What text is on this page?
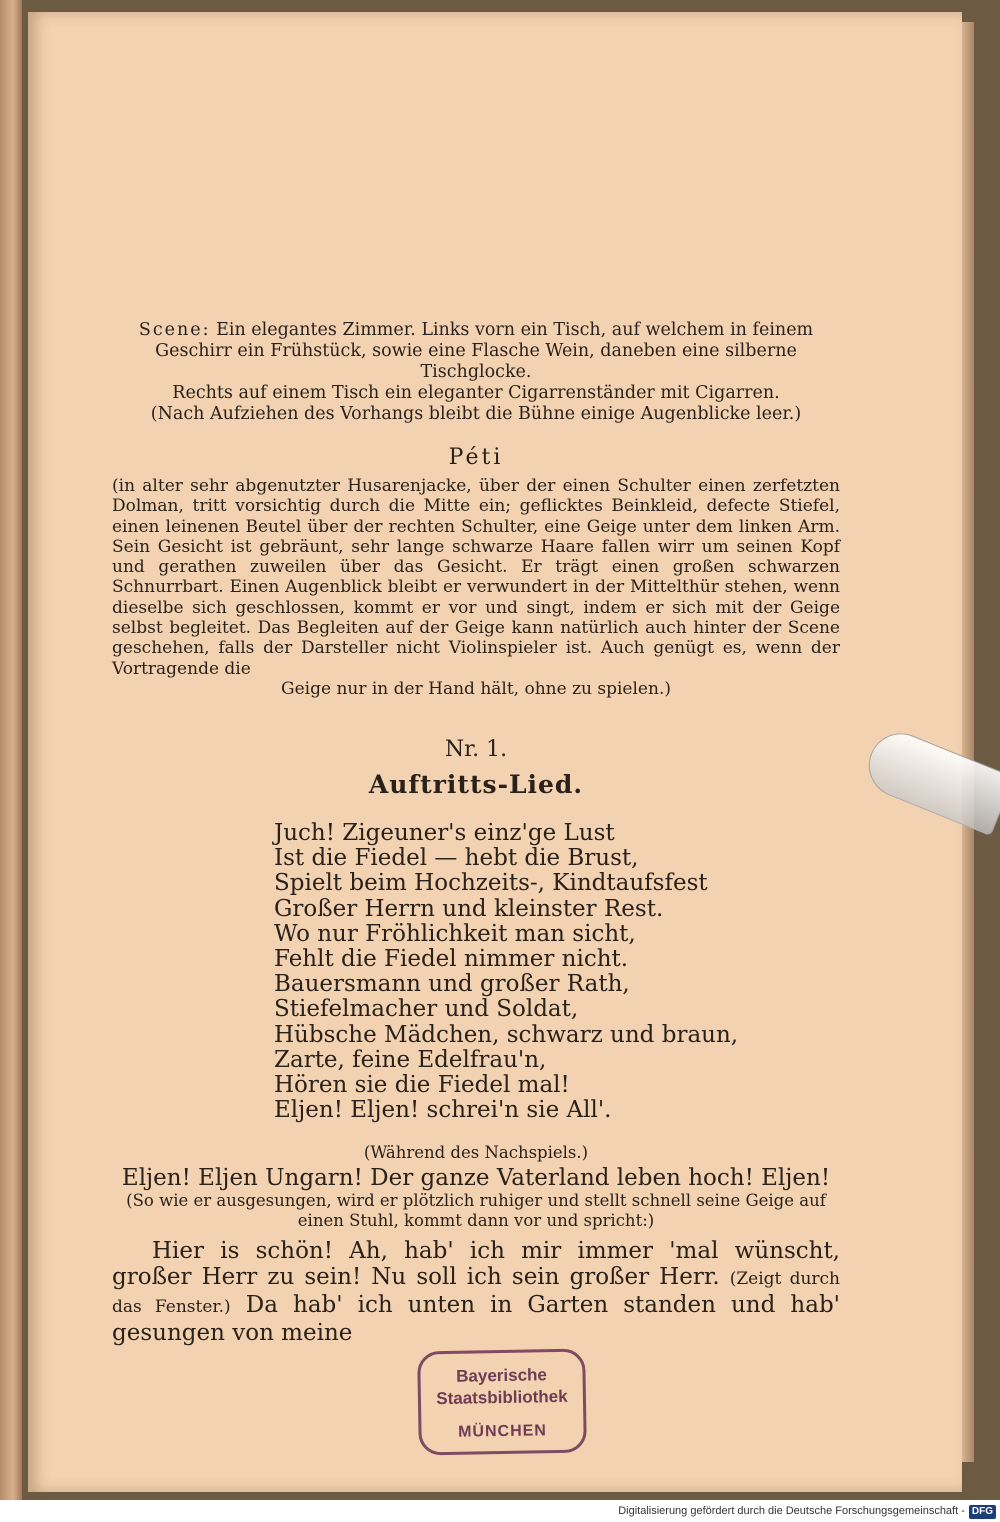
Scene: Ein elegantes Zimmer. Links vorn ein Tisch, auf welchem in feinem
Geschirr ein Frühstück, sowie eine Flasche Wein, daneben eine silberne Tischglocke.
Rechts auf einem Tisch ein eleganter Cigarrenständer mit Cigarren.

(Nach Aufziehen des Vorhangs bleibt die Bühne einige Augenblicke leer.)

Péti

(in alter sehr abgenutzter Husarenjacke, über der einen Schulter einen zerfetzten Dolman, tritt vorsichtig durch die Mitte ein; geflicktes Beinkleid, defecte Stiefel, einen leinenen Beutel über der rechten Schulter, eine Geige unter dem linken Arm. Sein Gesicht ist gebräunt, sehr lange schwarze Haare fallen wirr um seinen Kopf und gerathen zuweilen über das Gesicht. Er trägt einen großen schwarzen Schnurrbart. Einen Augenblick bleibt er verwundert in der Mittelthür stehen, wenn dieselbe sich geschlossen, kommt er vor und singt, indem er sich mit der Geige selbst begleitet. Das Begleiten auf der Geige kann natürlich auch hinter der Scene geschehen, falls der Darsteller nicht Violinspieler ist. Auch genügt es, wenn der Vortragende die

Geige nur in der Hand hält, ohne zu spielen.)

Nr. 1.
Auftritts-Lied.
Juch! Zigeuner's einz'ge Lust
Ist die Fiedel — hebt die Brust,
Spielt beim Hochzeits-, Kindtaufsfest
Großer Herrn und kleinster Rest.
Wo nur Fröhlichkeit man sicht,
Fehlt die Fiedel nimmer nicht.
Bauersmann und großer Rath,
Stiefelmacher und Soldat,
Hübsche Mädchen, schwarz und braun,
Zarte, feine Edelfrau'n,
Hören sie die Fiedel mal!
Eljen! Eljen! schrei'n sie All'.
(Während des Nachspiels.)
Eljen! Eljen Ungarn! Der ganze Vaterland leben hoch! Eljen!
(So wie er ausgesungen, wird er plötzlich ruhiger und stellt schnell seine Geige auf
einen Stuhl, kommt dann vor und spricht:)
Hier is schön! Ah, hab' ich mir immer 'mal wünscht, großer Herr zu sein! Nu soll ich sein großer Herr. (Zeigt durch das Fenster.) Da hab' ich unten in Garten standen und hab' gesungen von meine
Bayerische
Staatsbibliothek
MÜNCHEN
Digitalisierung gefördert durch die Deutsche Forschungsgemeinschaft - DFG
